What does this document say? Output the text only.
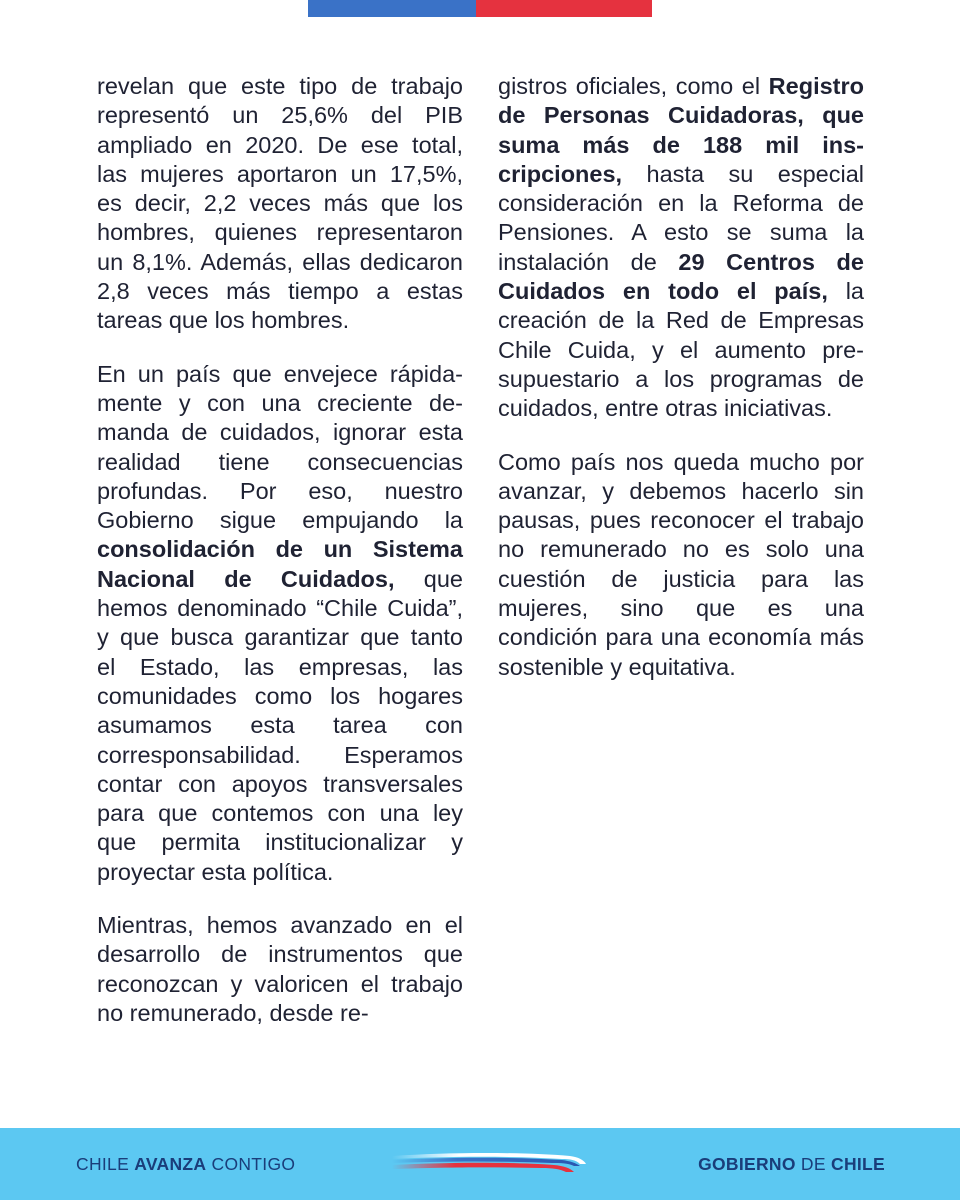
revelan que este tipo de trabajo representó un 25,6% del PIB ampliado en 2020. De ese total, las mujeres aportaron un 17,5%, es decir, 2,2 veces más que los hombres, quienes representaron un 8,1%. Además, ellas dedicaron 2,8 veces más tiempo a estas tareas que los hombres.

En un país que envejece rápidamente y con una creciente demanda de cuidados, ignorar esta realidad tiene consecuencias profundas. Por eso, nuestro Gobierno sigue empujando la consolidación de un Sistema Nacional de Cuidados, que hemos denominado “Chile Cuida”, y que busca garantizar que tanto el Estado, las empresas, las comunidades como los hogares asumamos esta tarea con corresponsabilidad. Esperamos contar con apoyos transversales para que contemos con una ley que permita institucionalizar y proyectar esta política.

Mientras, hemos avanzado en el desarrollo de instrumentos que reconozcan y valoricen el trabajo no remunerado, desde re-

gistros oficiales, como el Registro de Personas Cuidadoras, que suma más de 188 mil inscripciones, hasta su especial consideración en la Reforma de Pensiones. A esto se suma la instalación de 29 Centros de Cuidados en todo el país, la creación de la Red de Empresas Chile Cuida, y el aumento presupuestario a los programas de cuidados, entre otras iniciativas.

Como país nos queda mucho por avanzar, y debemos hacerlo sin pausas, pues reconocer el trabajo no remunerado no es solo una cuestión de justicia para las mujeres, sino que es una condición para una economía más sostenible y equitativa.

CHILE AVANZA CONTIGO	GOBIERNO DE CHILE
